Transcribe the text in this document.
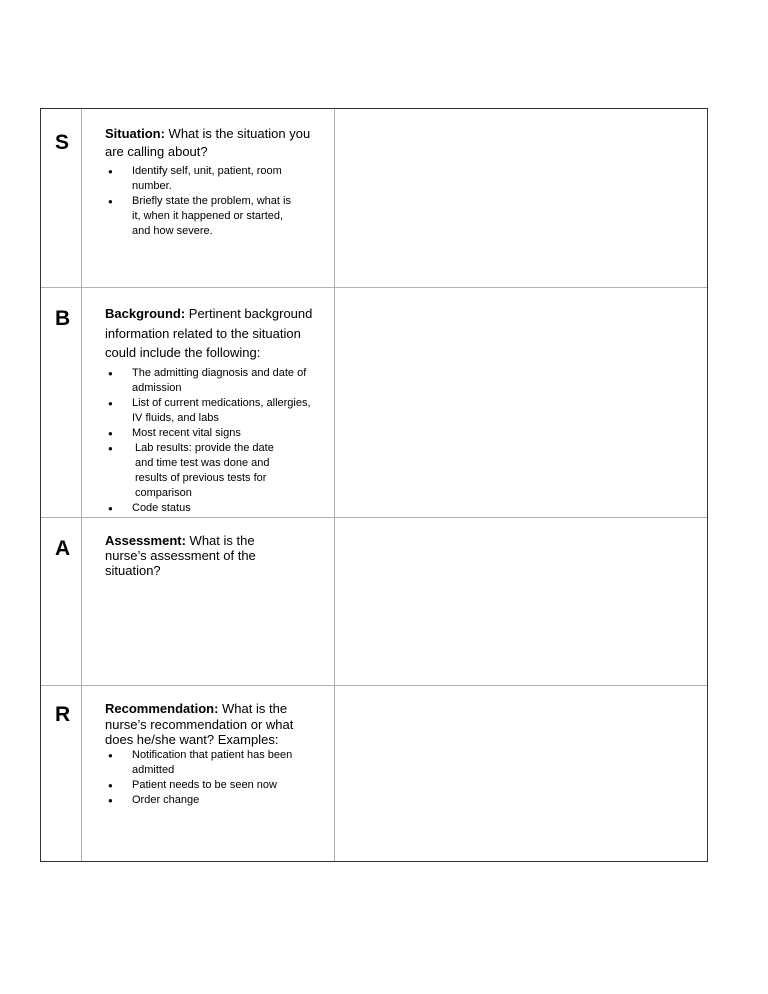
S	Situation: What is the situation you are calling about?
● Identify self, unit, patient, room number.
● Briefly state the problem, what is it, when it happened or started, and how severe.
B	Background: Pertinent background information related to the situation could include the following:
● The admitting diagnosis and date of admission
● List of current medications, allergies, IV fluids, and labs
● Most recent vital signs
● Lab results: provide the date and time test was done and results of previous tests for comparison
● Code status
A	Assessment: What is the nurse’s assessment of the situation?
R	Recommendation: What is the nurse’s recommendation or what does he/she want? Examples:
● Notification that patient has been admitted
● Patient needs to be seen now
● Order change
